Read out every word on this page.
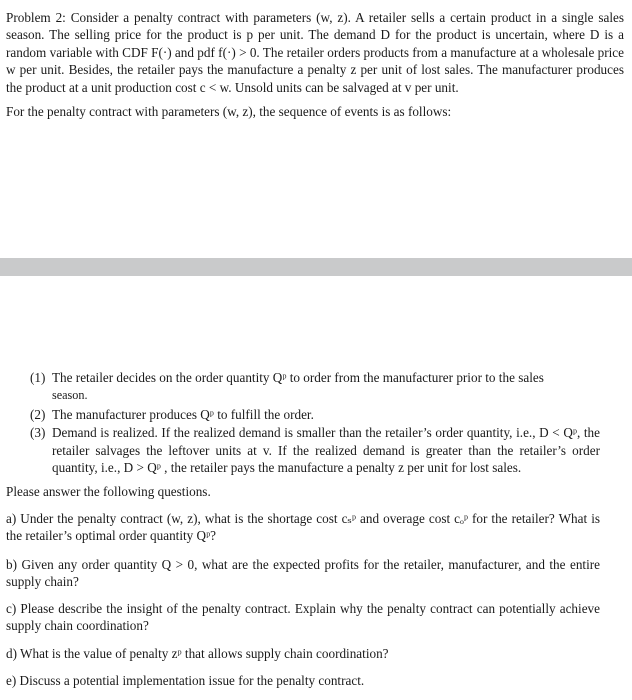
Problem 2: Consider a penalty contract with parameters (w, z). A retailer sells a certain product in a single sales season. The selling price for the product is p per unit. The demand D for the product is uncertain, where D is a random variable with CDF F(·) and pdf f(·) > 0. The retailer orders products from a manufacture at a wholesale price w per unit. Besides, the retailer pays the manufacture a penalty z per unit of lost sales. The manufacturer produces the product at a unit production cost c < w. Unsold units can be salvaged at v per unit.

For the penalty contract with parameters (w, z), the sequence of events is as follows:

(1) The retailer decides on the order quantity Qᵖ to order from the manufacturer prior to the sales
season.
(2) The manufacturer produces Qᵖ to fulfill the order.
(3) Demand is realized. If the realized demand is smaller than the retailer’s order quantity, i.e., D < Qᵖ, the retailer salvages the leftover units at v. If the realized demand is greater than the retailer’s order quantity, i.e., D > Qᵖ , the retailer pays the manufacture a penalty z per unit for lost sales.

Please answer the following questions.

a) Under the penalty contract (w, z), what is the shortage cost cₛᵖ and overage cost cₒᵖ for the retailer? What is the retailer’s optimal order quantity Qᵖ?

b) Given any order quantity Q > 0, what are the expected profits for the retailer, manufacturer, and the entire supply chain?

c) Please describe the insight of the penalty contract. Explain why the penalty contract can potentially achieve supply chain coordination?

d) What is the value of penalty zᵖ that allows supply chain coordination?

e) Discuss a potential implementation issue for the penalty contract.
